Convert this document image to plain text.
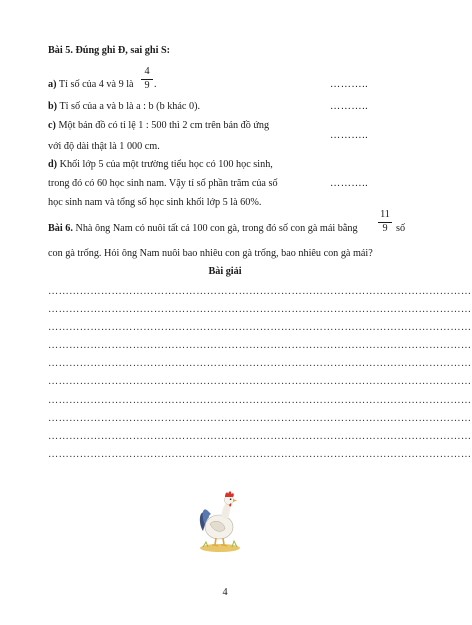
Bài 5. Đúng ghi Đ, sai ghi S:
a) Tỉ số của 4 và 9 là
4
9 .	………..
b) Tỉ số của a và b là a : b (b khác 0).	………..
c) Một bản đồ có tỉ lệ 1 : 500 thì 2 cm trên bản đồ ứng
với độ dài thật là 1 000 cm.
………..
d) Khối lớp 5 của một trường tiểu học có 100 học sinh,
trong đó có 60 học sinh nam. Vậy tỉ số phần trăm của số
học sinh nam và tổng số học sinh khối lớp 5 là 60%.
………..
Bài 6. Nhà ông Nam có nuôi tất cả 100 con gà, trong đó số con gà mái bằng
11
9 số
con gà trống. Hỏi ông Nam nuôi bao nhiêu con gà trống, bao nhiêu con gà mái?
Bài giải
…………………………………………………………………………………………………………
…………………………………………………………………………………………………………
…………………………………………………………………………………………………………
…………………………………………………………………………………………………………
…………………………………………………………………………………………………………
…………………………………………………………………………………………………………
…………………………………………………………………………………………………………
…………………………………………………………………………………………………………
…………………………………………………………………………………………………………
…………………………………………………………………………………………………………
4
